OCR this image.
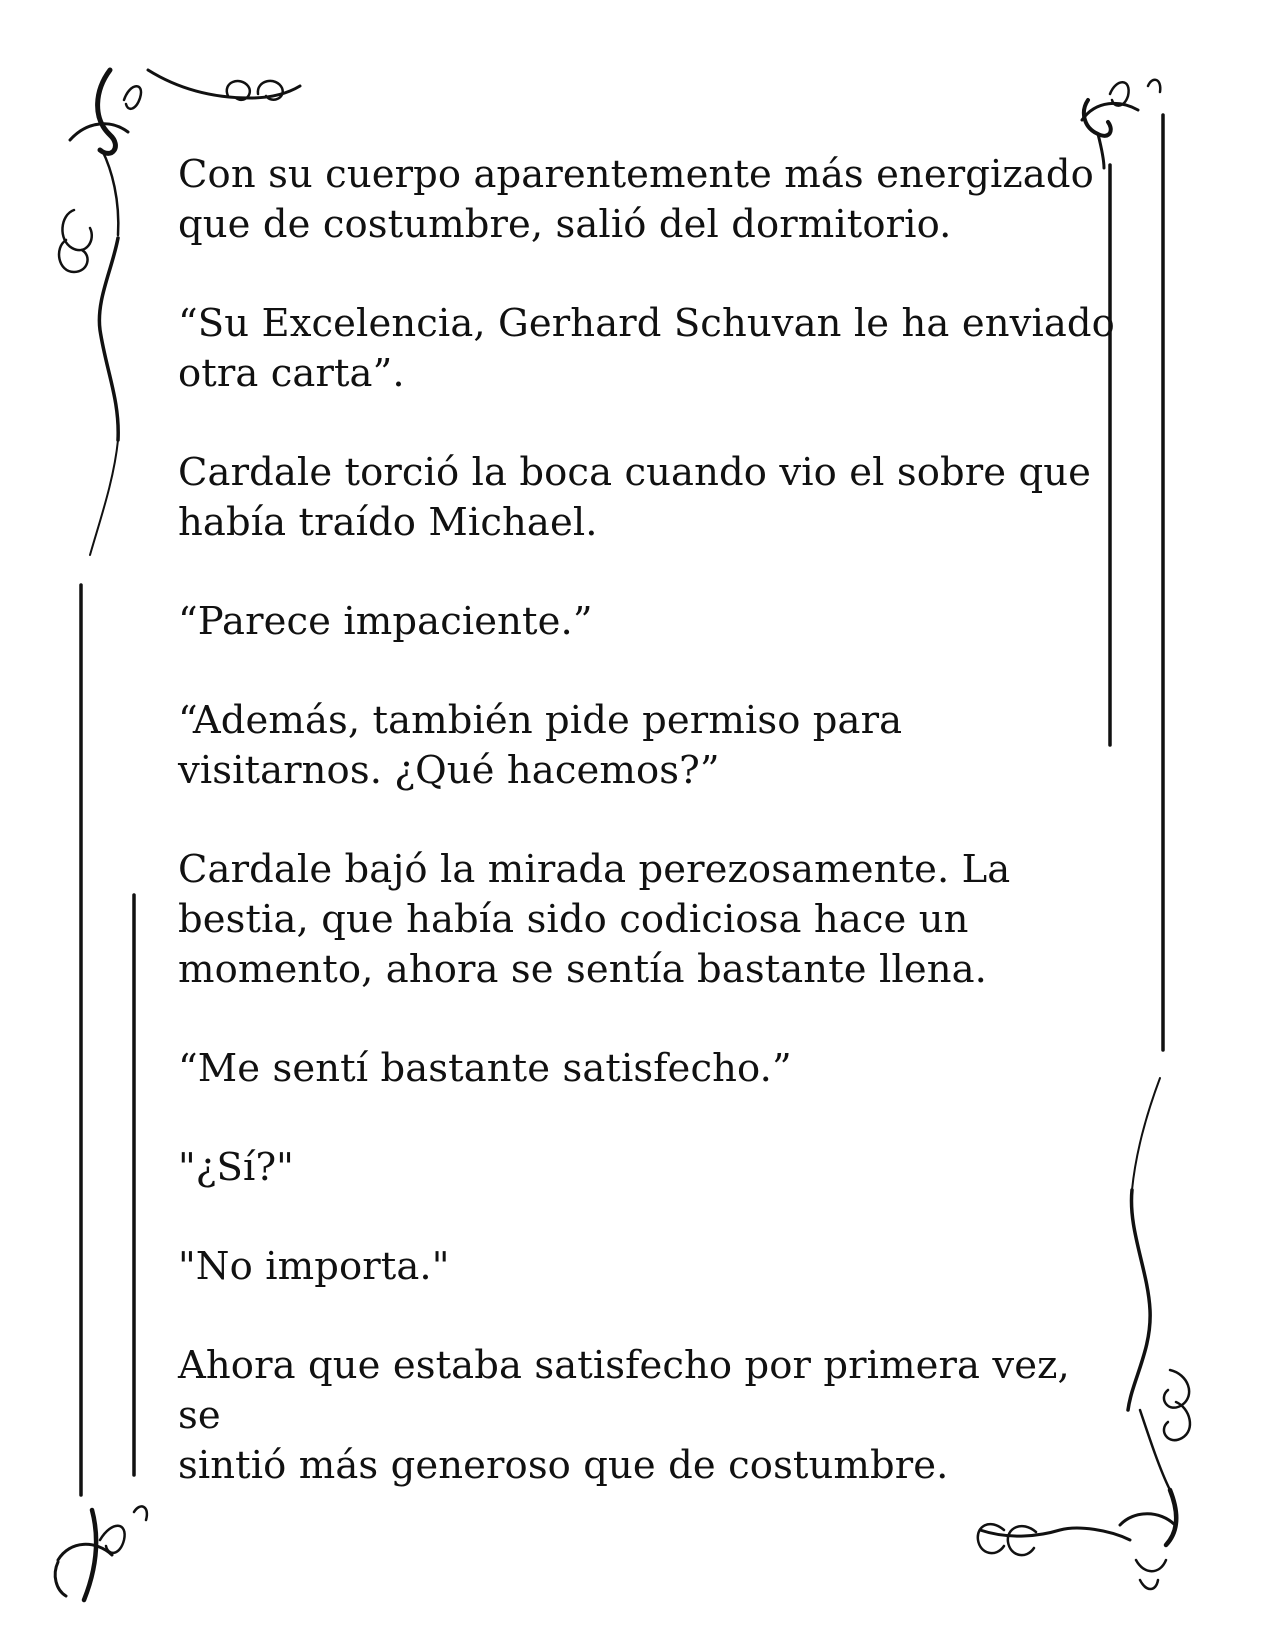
Con su cuerpo aparentemente más energizado
que de costumbre, salió del dormitorio.

“Su Excelencia, Gerhard Schuvan le ha enviado
otra carta”.

Cardale torció la boca cuando vio el sobre que
había traído Michael.

“Parece impaciente.”

“Además, también pide permiso para
visitarnos. ¿Qué hacemos?”

Cardale bajó la mirada perezosamente. La
bestia, que había sido codiciosa hace un
momento, ahora se sentía bastante llena.

“Me sentí bastante satisfecho.”

"¿Sí?"

"No importa."

Ahora que estaba satisfecho por primera vez, se
sintió más generoso que de costumbre.
